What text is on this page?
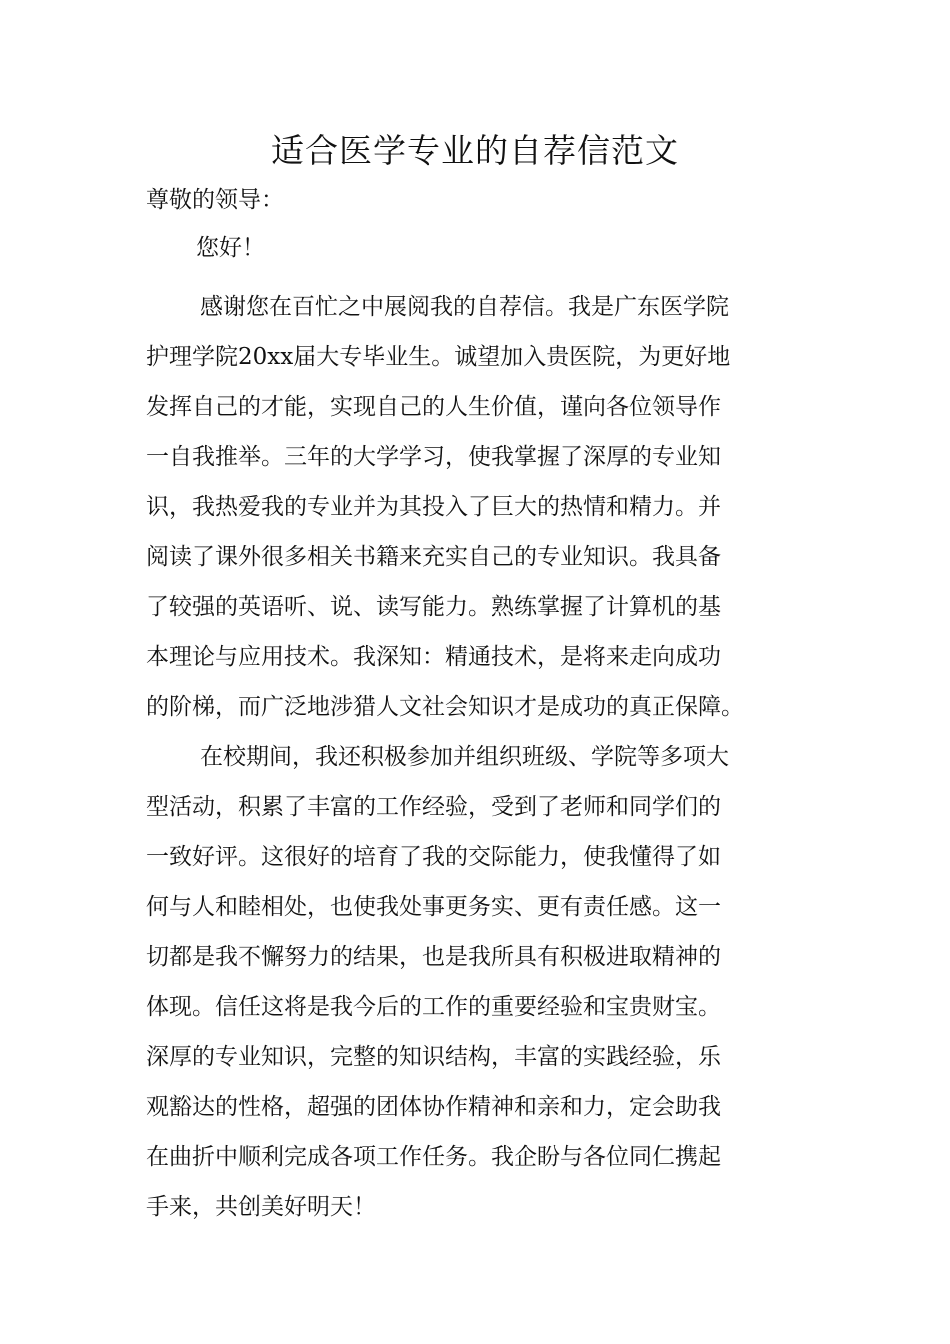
适合医学专业的自荐信范文

尊敬的领导：

您好！

感谢您在百忙之中展阅我的自荐信。我是广东医学院
护理学院20xx届大专毕业生。诚望加入贵医院，为更好地
发挥自己的才能，实现自己的人生价值，谨向各位领导作
一自我推举。三年的大学学习，使我掌握了深厚的专业知
识，我热爱我的专业并为其投入了巨大的热情和精力。并
阅读了课外很多相关书籍来充实自己的专业知识。我具备
了较强的英语听、说、读写能力。熟练掌握了计算机的基
本理论与应用技术。我深知：精通技术，是将来走向成功
的阶梯，而广泛地涉猎人文社会知识才是成功的真正保障。

在校期间，我还积极参加并组织班级、学院等多项大
型活动，积累了丰富的工作经验，受到了老师和同学们的
一致好评。这很好的培育了我的交际能力，使我懂得了如
何与人和睦相处，也使我处事更务实、更有责任感。这一
切都是我不懈努力的结果，也是我所具有积极进取精神的
体现。信任这将是我今后的工作的重要经验和宝贵财宝。
深厚的专业知识，完整的知识结构，丰富的实践经验，乐
观豁达的性格，超强的团体协作精神和亲和力，定会助我
在曲折中顺利完成各项工作任务。我企盼与各位同仁携起
手来，共创美好明天！
